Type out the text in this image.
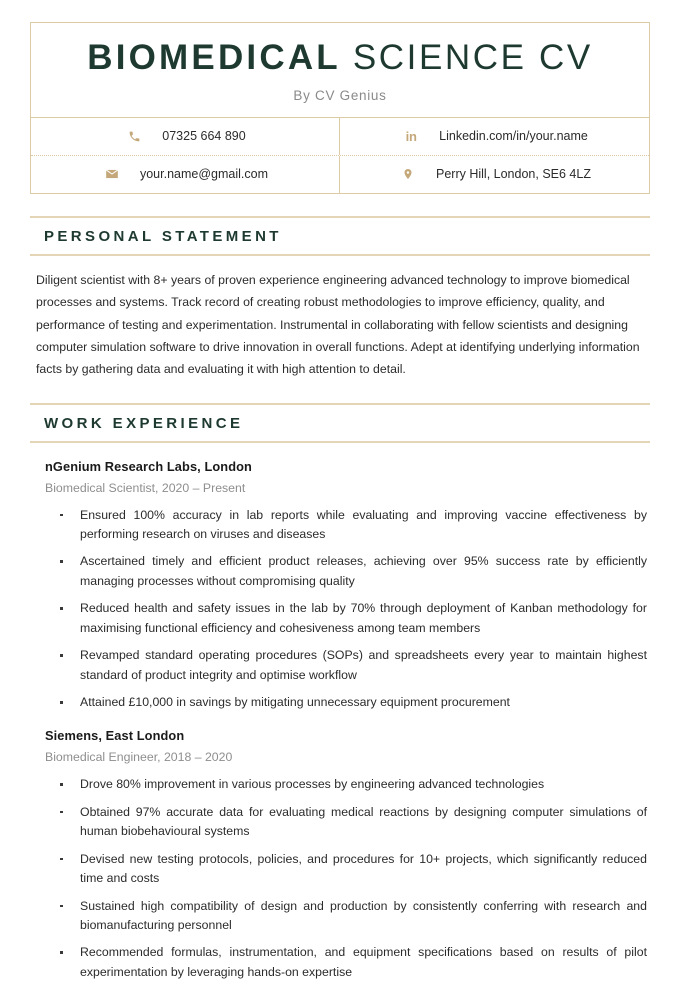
BIOMEDICAL SCIENCE CV
By CV Genius
07325 664 890	in	Linkedin.com/in/your.name
your.name@gmail.com	Perry Hill, London, SE6 4LZ
PERSONAL STATEMENT

Diligent scientist with 8+ years of proven experience engineering advanced technology to improve biomedical processes and systems. Track record of creating robust methodologies to improve efficiency, quality, and performance of testing and experimentation. Instrumental in collaborating with fellow scientists and designing computer simulation software to drive innovation in overall functions. Adept at identifying underlying information facts by gathering data and evaluating it with high attention to detail.

WORK EXPERIENCE
nGenium Research Labs, London
Biomedical Scientist, 2020 – Present
Ensured 100% accuracy in lab reports while evaluating and improving vaccine effectiveness by performing research on viruses and diseases
Ascertained timely and efficient product releases, achieving over 95% success rate by efficiently managing processes without compromising quality
Reduced health and safety issues in the lab by 70% through deployment of Kanban methodology for maximising functional efficiency and cohesiveness among team members
Revamped standard operating procedures (SOPs) and spreadsheets every year to maintain highest standard of product integrity and optimise workflow
Attained £10,000 in savings by mitigating unnecessary equipment procurement
Siemens, East London
Biomedical Engineer, 2018 – 2020
Drove 80% improvement in various processes by engineering advanced technologies
Obtained 97% accurate data for evaluating medical reactions by designing computer simulations of human biobehavioural systems
Devised new testing protocols, policies, and procedures for 10+ projects, which significantly reduced time and costs
Sustained high compatibility of design and production by consistently conferring with research and biomanufacturing personnel
Recommended formulas, instrumentation, and equipment specifications based on results of pilot experimentation by leveraging hands-on expertise
